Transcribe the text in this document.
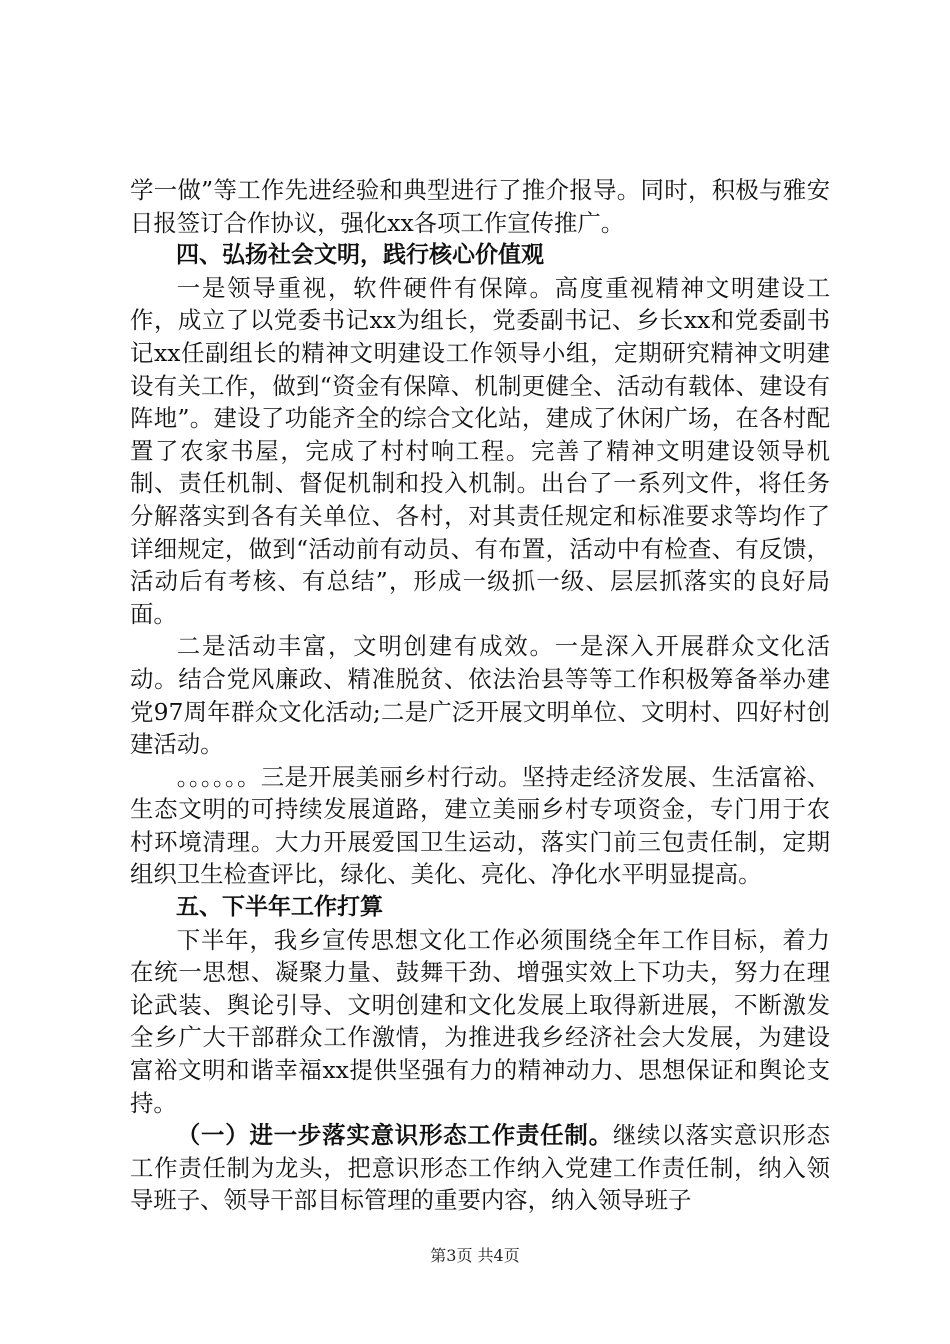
学一做”等工作先进经验和典型进行了推介报导。同时，积极与雅安日报签订合作协议，强化xx各项工作宣传推广。

四、弘扬社会文明，践行核心价值观

一是领导重视，软件硬件有保障。高度重视精神文明建设工作，成立了以党委书记xx为组长，党委副书记、乡长xx和党委副书记xx任副组长的精神文明建设工作领导小组，定期研究精神文明建设有关工作，做到“资金有保障、机制更健全、活动有载体、建设有阵地”。建设了功能齐全的综合文化站，建成了休闲广场，在各村配置了农家书屋，完成了村村响工程。完善了精神文明建设领导机制、责任机制、督促机制和投入机制。出台了一系列文件，将任务分解落实到各有关单位、各村，对其责任规定和标准要求等均作了详细规定，做到“活动前有动员、有布置，活动中有检查、有反馈，活动后有考核、有总结”，形成一级抓一级、层层抓落实的良好局面。

二是活动丰富，文明创建有成效。一是深入开展群众文化活动。结合党风廉政、精准脱贫、依法治县等等工作积极筹备举办建党97周年群众文化活动;二是广泛开展文明单位、文明村、四好村创建活动。

。。。。。。三是开展美丽乡村行动。坚持走经济发展、生活富裕、生态文明的可持续发展道路，建立美丽乡村专项资金，专门用于农村环境清理。大力开展爱国卫生运动，落实门前三包责任制，定期组织卫生检查评比，绿化、美化、亮化、净化水平明显提高。

五、下半年工作打算

下半年，我乡宣传思想文化工作必须围绕全年工作目标，着力在统一思想、凝聚力量、鼓舞干劲、增强实效上下功夫，努力在理论武装、舆论引导、文明创建和文化发展上取得新进展，不断激发全乡广大干部群众工作激情，为推进我乡经济社会大发展，为建设富裕文明和谐幸福xx提供坚强有力的精神动力、思想保证和舆论支持。

（一）进一步落实意识形态工作责任制。继续以落实意识形态工作责任制为龙头，把意识形态工作纳入党建工作责任制，纳入领导班子、领导干部目标管理的重要内容，纳入领导班子

第3页 共4页
